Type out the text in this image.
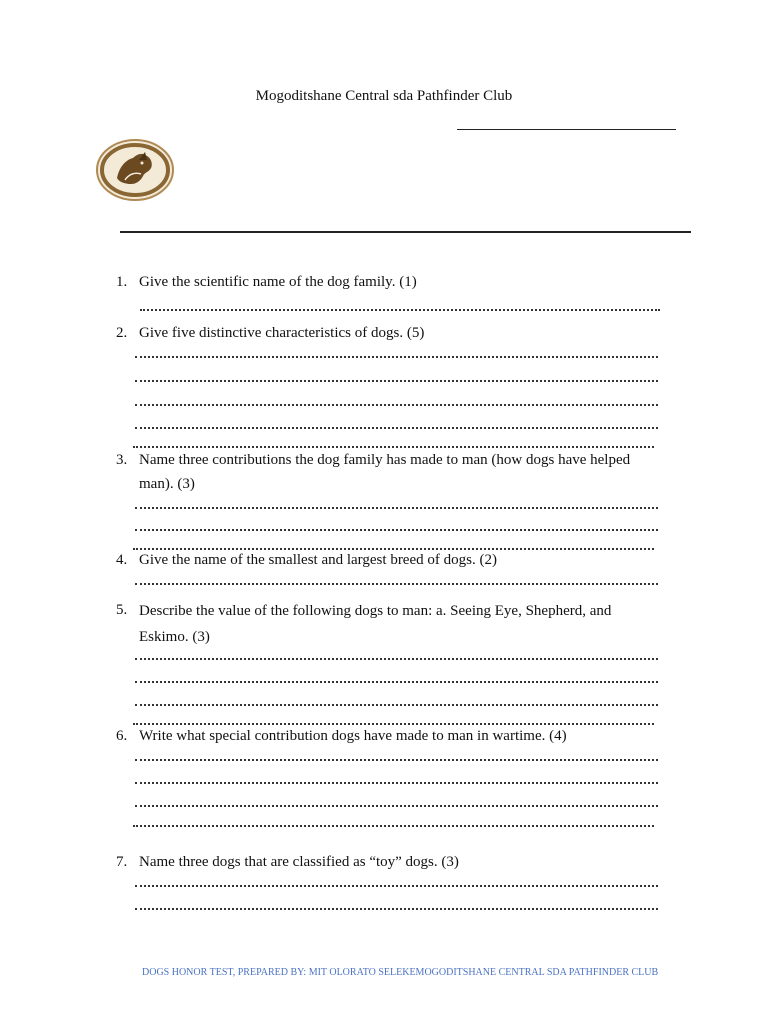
Mogoditshane Central sda Pathfinder Club
1. Give the scientific name of the dog family. (1)
2. Give five distinctive characteristics of dogs. (5)
3. Name three contributions the dog family has made to man (how dogs have helped man). (3)
4. Give the name of the smallest and largest breed of dogs. (2)
5. Describe the value of the following dogs to man: a. Seeing Eye, Shepherd, and Eskimo. (3)
6. Write what special contribution dogs have made to man in wartime. (4)
7. Name three dogs that are classified as “toy” dogs. (3)
DOGS HONOR TEST, PREPARED BY: MIT OLORATO SELEKEMOGODITSHANE CENTRAL SDA PATHFINDER CLUB
